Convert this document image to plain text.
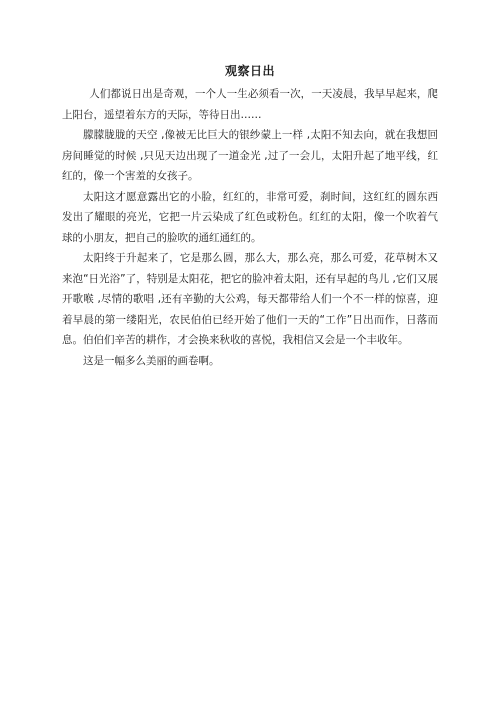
观察日出

人们都说日出是奇观，一个人一生必须看一次，一天凌晨，我早早起来，爬上阳台，遥望着东方的天际，等待日出……

朦朦胧胧的天空 ,像被无比巨大的银纱蒙上一样 ,太阳不知去向，就在我想回房间睡觉的时候 ,只见天边出现了一道金光 ,过了一会儿，太阳升起了地平线，红红的，像一个害羞的女孩子。

太阳这才愿意露出它的小脸，红红的，非常可爱，刹时间，这红红的圆东西发出了耀眼的亮光，它把一片云染成了红色或粉色。红红的太阳，像一个吹着气球的小朋友，把自己的脸吹的通红通红的。

太阳终于升起来了，它是那么圆，那么大，那么亮，那么可爱，花草树木又来泡“日光浴”了，特别是太阳花，把它的脸冲着太阳，还有早起的鸟儿 ,它们又展开歌喉 ,尽情的歌唱 ,还有辛勤的大公鸡，每天都带给人们一个不一样的惊喜，迎着早晨的第一缕阳光，农民伯伯已经开始了他们一天的“工作”日出而作，日落而息。伯伯们辛苦的耕作，才会换来秋收的喜悦，我相信又会是一个丰收年。

这是一幅多么美丽的画卷啊。
